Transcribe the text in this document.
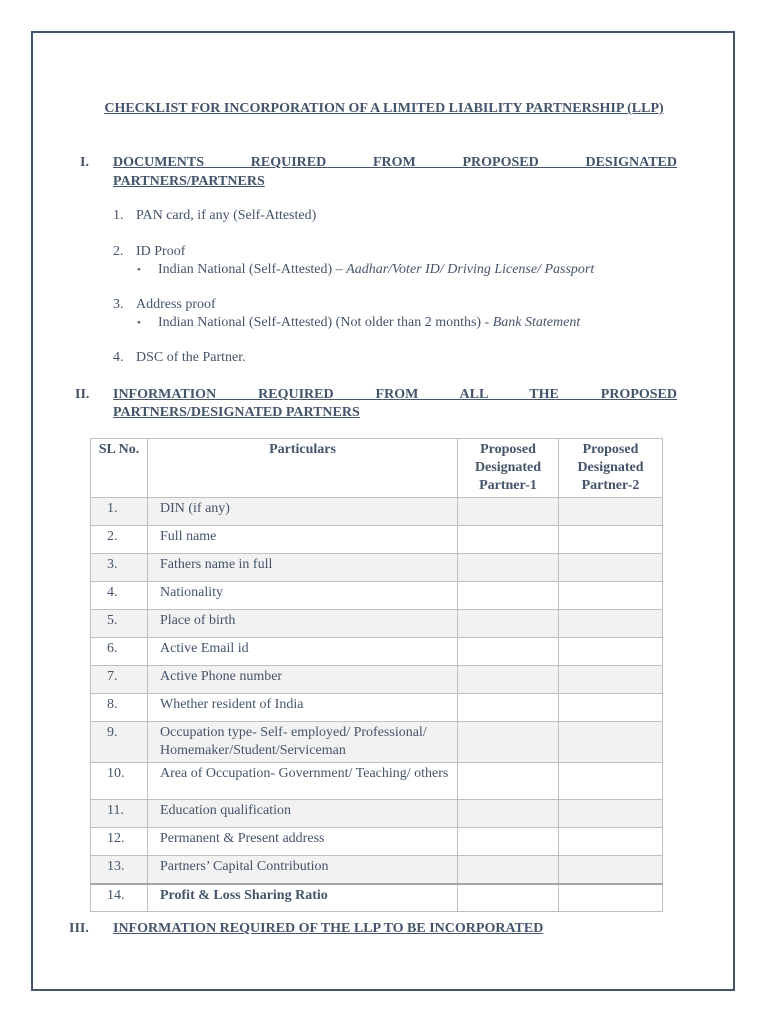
CHECKLIST FOR INCORPORATION OF A LIMITED LIABILITY PARTNERSHIP (LLP)
I. DOCUMENTS REQUIRED FROM PROPOSED DESIGNATED
PARTNERS/PARTNERS
1. PAN card, if any (Self-Attested)
2. ID Proof
• Indian National (Self-Attested) – Aadhar/Voter ID/ Driving License/ Passport
3. Address proof
• Indian National (Self-Attested) (Not older than 2 months) - Bank Statement
4. DSC of the Partner.
II. INFORMATION REQUIRED FROM ALL THE PROPOSED
PARTNERS/DESIGNATED PARTNERS
SL No.	Particulars	Proposed Designated Partner-1	Proposed Designated Partner-2
1.	DIN (if any)		
2.	Full name		
3.	Fathers name in full		
4.	Nationality		
5.	Place of birth		
6.	Active Email id		
7.	Active Phone number		
8.	Whether resident of India		
9.	Occupation type- Self- employed/ Professional/ Homemaker/Student/Serviceman		
10.	Area of Occupation- Government/ Teaching/ others		
11.	Education qualification		
12.	Permanent & Present address		
13.	Partners’ Capital Contribution		
14.	Profit & Loss Sharing Ratio		
III. INFORMATION REQUIRED OF THE LLP TO BE INCORPORATED
